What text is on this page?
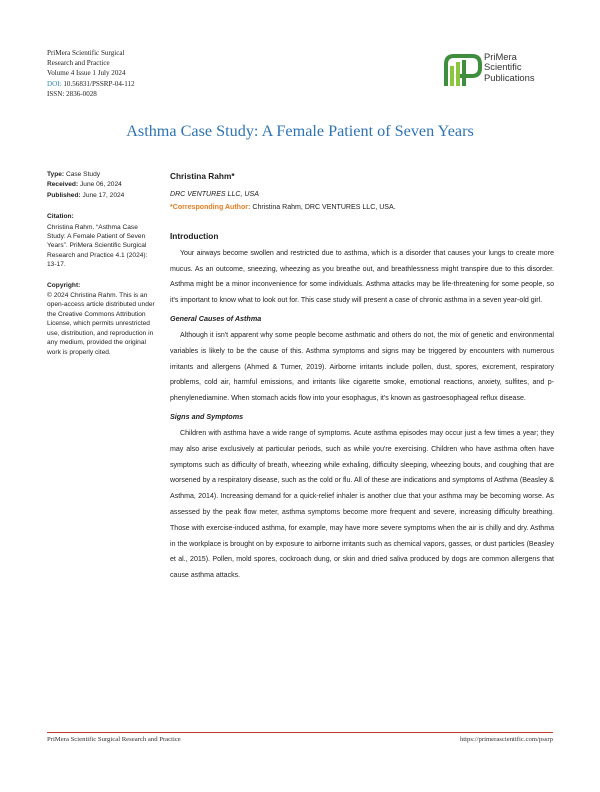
PriMera Scientific Surgical
Research and Practice
Volume 4 Issue 1 July 2024
DOI: 10.56831/PSSRP-04-112
ISSN: 2836-0028
PriMera
Scientific
Publications
Asthma Case Study: A Female Patient of Seven Years
Type: Case Study
Received: June 06, 2024
Published: June 17, 2024
Citation:
Christina Rahm. “Asthma Case Study: A Female Patient of Seven Years”. PriMera Scientific Surgical Research and Practice 4.1 (2024): 13-17.
Copyright:
© 2024 Christina Rahm. This is an open-access article distributed under the Creative Commons Attribution License, which permits unrestricted use, distribution, and reproduction in any medium, provided the original work is properly cited.

Christina Rahm*

DRC VENTURES LLC, USA

*Corresponding Author: Christina Rahm, DRC VENTURES LLC, USA.

Introduction

Your airways become swollen and restricted due to asthma, which is a disorder that causes your lungs to create more mucus. As an outcome, sneezing, wheezing as you breathe out, and breathlessness might transpire due to this disorder. Asthma might be a minor inconvenience for some individuals. Asthma attacks may be life-threatening for some people, so it's important to know what to look out for. This case study will present a case of chronic asthma in a seven year-old girl.

General Causes of Asthma

Although it isn't apparent why some people become asthmatic and others do not, the mix of genetic and environmental variables is likely to be the cause of this. Asthma symptoms and signs may be triggered by encounters with numerous irritants and allergens (Ahmed & Turner, 2019). Airborne irritants include pollen, dust, spores, excrement, respiratory problems, cold air, harmful emissions, and irritants like cigarette smoke, emotional reactions, anxiety, sulfites, and p-phenylenediamine. When stomach acids flow into your esophagus, it's known as gastroesophageal reflux disease.

Signs and Symptoms

Children with asthma have a wide range of symptoms. Acute asthma episodes may occur just a few times a year; they may also arise exclusively at particular periods, such as while you're exercising. Children who have asthma often have symptoms such as difficulty of breath, wheezing while exhaling, difficulty sleeping, wheezing bouts, and coughing that are worsened by a respiratory disease, such as the cold or flu. All of these are indications and symptoms of Asthma (Beasley & Asthma, 2014). Increasing demand for a quick-relief inhaler is another clue that your asthma may be becoming worse. As assessed by the peak flow meter, asthma symptoms become more frequent and severe, increasing difficulty breathing. Those with exercise-induced asthma, for example, may have more severe symptoms when the air is chilly and dry. Asthma in the workplace is brought on by exposure to airborne irritants such as chemical vapors, gasses, or dust particles (Beasley et al., 2015). Pollen, mold spores, cockroach dung, or skin and dried saliva produced by dogs are common allergens that cause asthma attacks.

PriMera Scientific Surgical Research and Practice	https://primerascientific.com/pssrp
